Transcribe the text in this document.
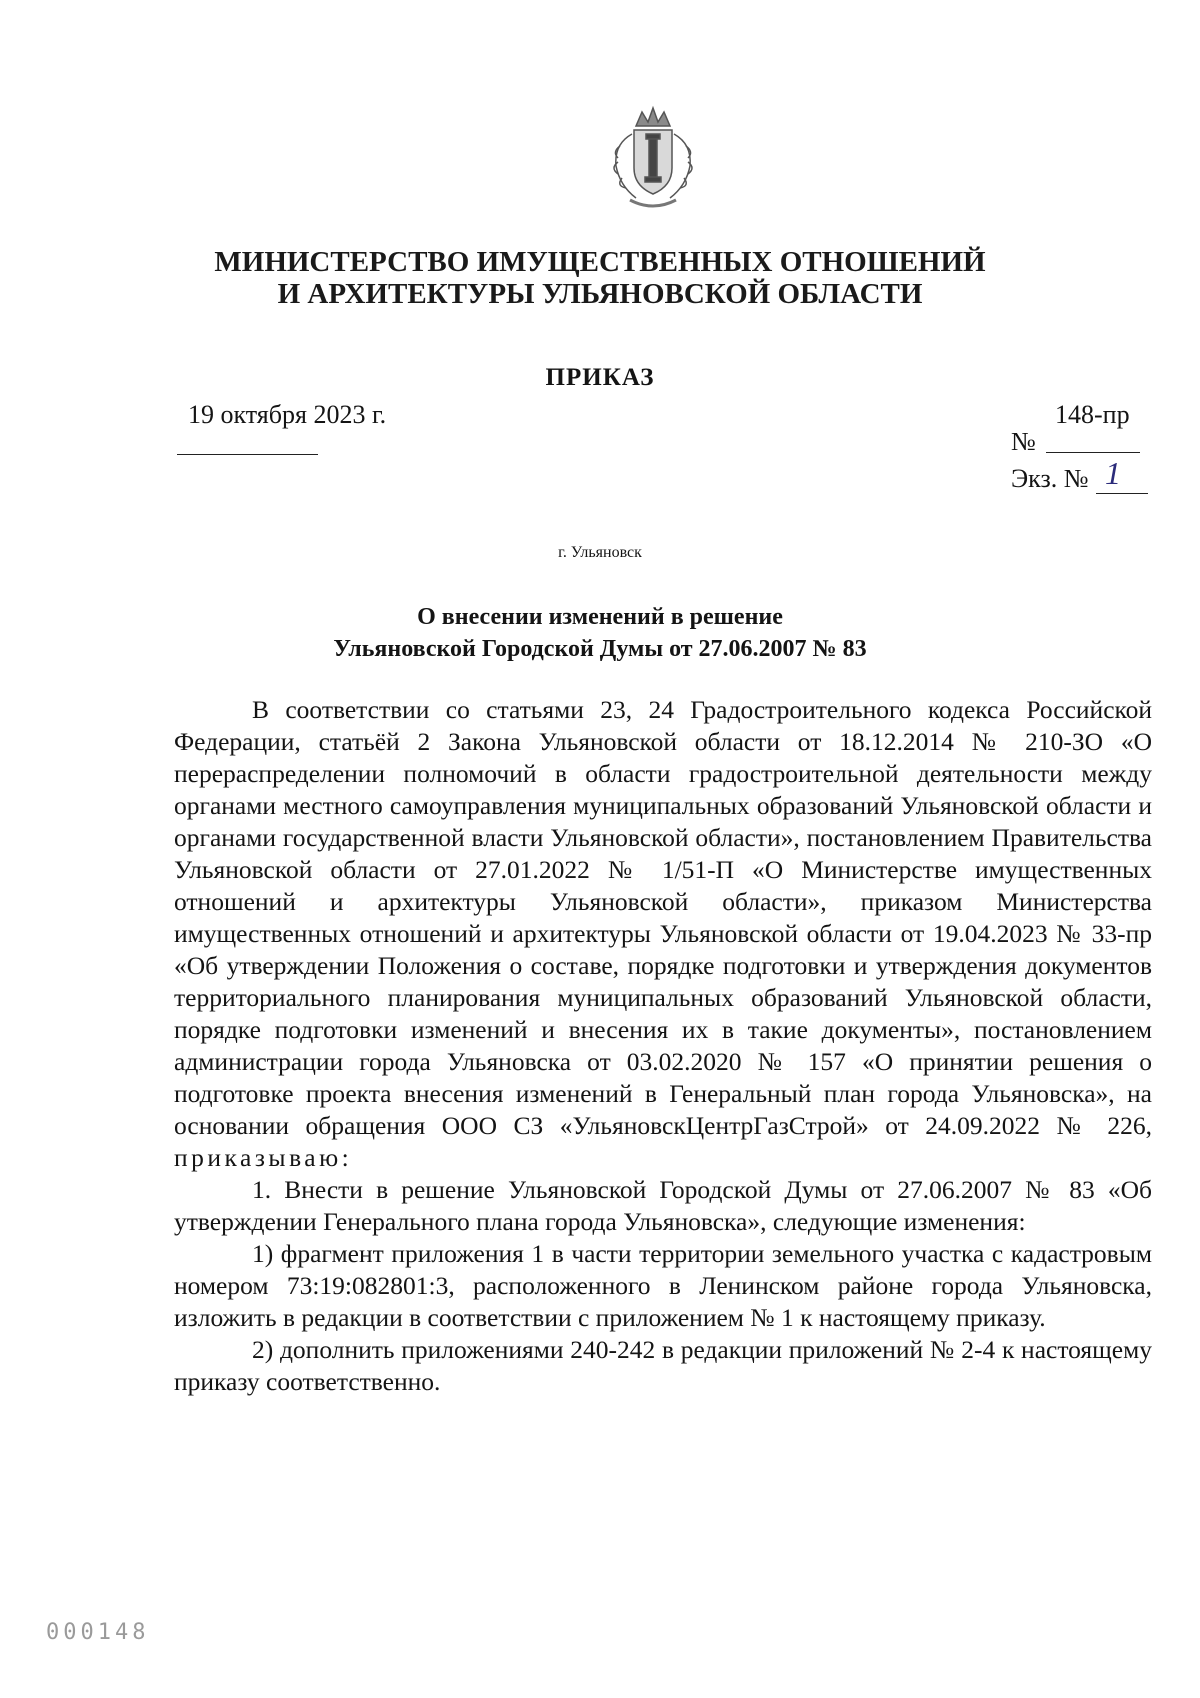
МИНИСТЕРСТВО ИМУЩЕСТВЕННЫХ ОТНОШЕНИЙ
И АРХИТЕКТУРЫ УЛЬЯНОВСКОЙ ОБЛАСТИ
ПРИКАЗ
19 октября 2023 г.	148-пр
№
Экз. № 1
г. Ульяновск
О внесении изменений в решение
Ульяновской Городской Думы от 27.06.2007 № 83

В соответствии со статьями 23, 24 Градостроительного кодекса Российской Федерации, статьёй 2 Закона Ульяновской области от 18.12.2014 № 210-ЗО «О перераспределении полномочий в области градостроительной деятельности между органами местного самоуправления муниципальных образований Ульяновской области и органами государственной власти Ульяновской области», постановлением Правительства Ульяновской области от 27.01.2022 № 1/51-П «О Министерстве имущественных отношений и архитектуры Ульяновской области», приказом Министерства имущественных отношений и архитектуры Ульяновской области от 19.04.2023 № 33-пр «Об утверждении Положения о составе, порядке подготовки и утверждения документов территориального планирования муниципальных образований Ульяновской области, порядке подготовки изменений и внесения их в такие документы», постановлением администрации города Ульяновска от 03.02.2020 № 157 «О принятии решения о подготовке проекта внесения изменений в Генеральный план города Ульяновска», на основании обращения ООО СЗ «УльяновскЦентрГазСтрой» от 24.09.2022 № 226, приказываю:

1. Внести в решение Ульяновской Городской Думы от 27.06.2007 № 83 «Об утверждении Генерального плана города Ульяновска», следующие изменения:

1) фрагмент приложения 1 в части территории земельного участка с кадастровым номером 73:19:082801:3, расположенного в Ленинском районе города Ульяновска, изложить в редакции в соответствии с приложением № 1 к настоящему приказу.

2) дополнить приложениями 240-242 в редакции приложений № 2-4 к настоящему приказу соответственно.

000148
